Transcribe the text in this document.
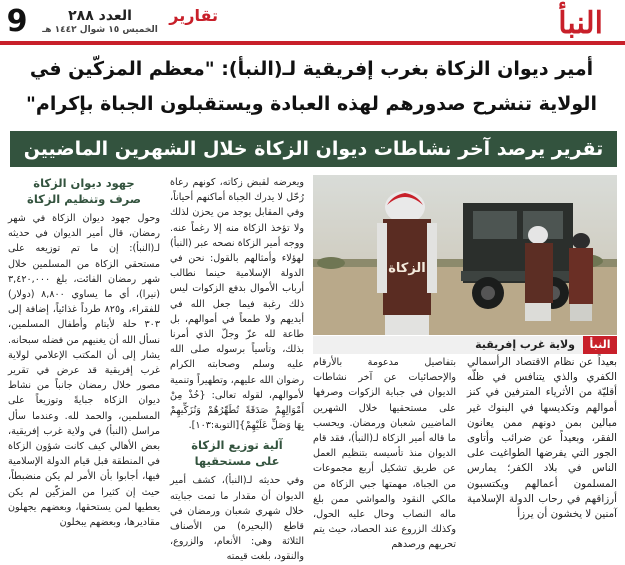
النبأ
العدد ٢٨٨
الخميس ١٥ شوال ١٤٤٢ هـ
تقارير
9
أمير ديوان الزكاة بغرب إفريقية لـ(النبأ): "معظم المزكّين في
الولاية تنشرح صدورهم لهذه العبادة ويستقبلون الجباة بإكرام"
تقرير يرصد آخر نشاطات ديوان الزكاة خلال الشهرين الماضيين
الزكاة
النبأ
ولاية غرب إفريقية

بعيداً عن نظام الاقتصاد الرأسمالي الكفري والذي يتنافس في ظلّه أقليّة من الأثرياء المترفين في كنز أموالهم وتكديسها في البنوك غير مبالين بمن دونهم ممن يعانون الفقر، وبعيداً عن ضرائب وأتاوى الجور التي يفرضها الطواغيت على الناس في بلاد الكفر؛ يمارس المسلمون أعمالهم ويكتسبون أرزاقهم في رحاب الدولة الإسلامية آمنين لا يخشون أن يرزأ

بتفاصيل مدعومة بالأرقام والإحصائيات عن آخر نشاطات الديوان في جباية الزكوات وصرفها على مستحقيها خلال الشهرين الماضيين شعبان ورمضان. ويحسب ما قاله أمير الزكاة لـ(النبأ)، فقد قام الديوان منذ تأسيسه بتنظيم العمل عن طريق تشكيل أربع مجموعات من الجباة، مهمتها جبي الزكاة من مالكي النقود والمواشي ممن بلغ ماله النصاب وحال عليه الحول، وكذلك الزروع عند الحصاد، حيث يتم تحريهم ورصدهم

ويعرضه لقبض زكاته، كونهم رعاة رُحّل لا يدرك الجباة أماكنهم أحياناً، وفي المقابل يوجد من يحزن لذلك ولا تؤخذ الزكاة منه إلا رغماً عنه. ووجه أمير الزكاة نصحه عبر (النبأ) لهؤلاء وأمثالهم بالقول: نحن في الدولة الإسلامية حينما نطالب أرباب الأموال بدفع الزكوات ليس ذلك رغبة فيما جعل الله في أيديهم ولا طمعاً في أموالهم، بل طاعة لله عزّ وجلّ الذي أمرنا بذلك، وتأسياً برسوله صلى الله عليه وسلم وصحابته الكرام رضوان الله عليهم، وتطهيراً وتنمية لأموالهم، لقوله تعالى: {خُذْ مِنْ أَمْوَالِهِمْ صَدَقَةً تُطَهِّرُهُمْ وَتُزَكِّيهِمْ بِهَا وَصَلِّ عَلَيْهِمْ}[التوبة:١٠٣].

آلية توزيع الزكاة
على مستحقيها

وفي حديثه لـ(النبأ)، كشف أمير الديوان أن مقدار ما تمت جبايته خلال شهري شعبان ورمضان في قاطع (البحيرة) من الأصناف الثلاثة وهي: الأنعام، والزروع، والنقود، بلغت قيمته

جهود ديوان الزكاة
صرف وتنظيم الزكاة

وحول جهود ديوان الزكاة في شهر رمضان، قال أمير الديوان في حديثه لـ(النبأ): إن ما تم توزيعه على مستحقي الزكاة من المسلمين خلال شهر رمضان الفائت، بلغ ٣,٤٢٠,٠٠٠ (نيرا)، أي ما يساوي ٨,٨٠٠ (دولار) للفقراء، و٨٢٥ طرداً غذائياً، إضافة إلى ٣٠٣ حلة لأيتام وأطفال المسلمين، نسأل الله أن يغنيهم من فضله سبحانه. يشار إلى أن المكتب الإعلامي لولاية غرب إفريقية قد عرض في تقرير مصور خلال رمضان جانباً من نشاط ديوان الزكاة جبايةً وتوزيعاً على المسلمين، والحمد لله. وعندما سأل مراسل (النبأ) في ولاية غرب إفريقية، بعض الأهالي كيف كانت شؤون الزكاة في المنطقة قبل قيام الدولة الإسلامية فيها، أجابوا بأن الأمر لم يكن منضبطاً، حيث إن كثيرا من المزكّين لم يكن يعطيها لمن يستحقها، وبعضهم يجهلون مقاديرها، وبعضهم يبخلون
